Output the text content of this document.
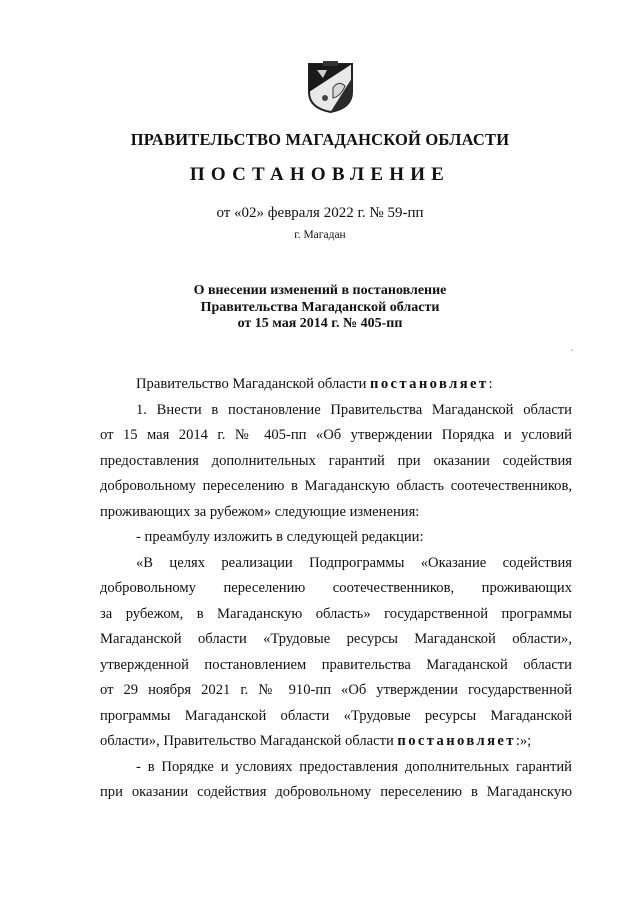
ПРАВИТЕЛЬСТВО МАГАДАНСКОЙ ОБЛАСТИ
ПОСТАНОВЛЕНИЕ
от «02» февраля 2022 г. № 59-пп
г. Магадан
О внесении изменений в постановление
Правительства Магаданской области
от 15 мая 2014 г. № 405-пп

Правительство Магаданской области постановляет:

1. Внести в постановление Правительства Магаданской области

от 15 мая 2014 г. № 405-пп «Об утверждении Порядка и условий

предоставления дополнительных гарантий при оказании содействия

добровольному переселению в Магаданскую область соотечественников,

проживающих за рубежом» следующие изменения:

- преамбулу изложить в следующей редакции:

«В целях реализации Подпрограммы «Оказание содействия

добровольному переселению соотечественников, проживающих

за рубежом, в Магаданскую область» государственной программы

Магаданской области «Трудовые ресурсы Магаданской области»,

утвержденной постановлением правительства Магаданской области

от 29 ноября 2021 г. № 910-пп «Об утверждении государственной

программы Магаданской области «Трудовые ресурсы Магаданской

области», Правительство Магаданской области постановляет:»;

- в Порядке и условиях предоставления дополнительных гарантий

при оказании содействия добровольному переселению в Магаданскую
